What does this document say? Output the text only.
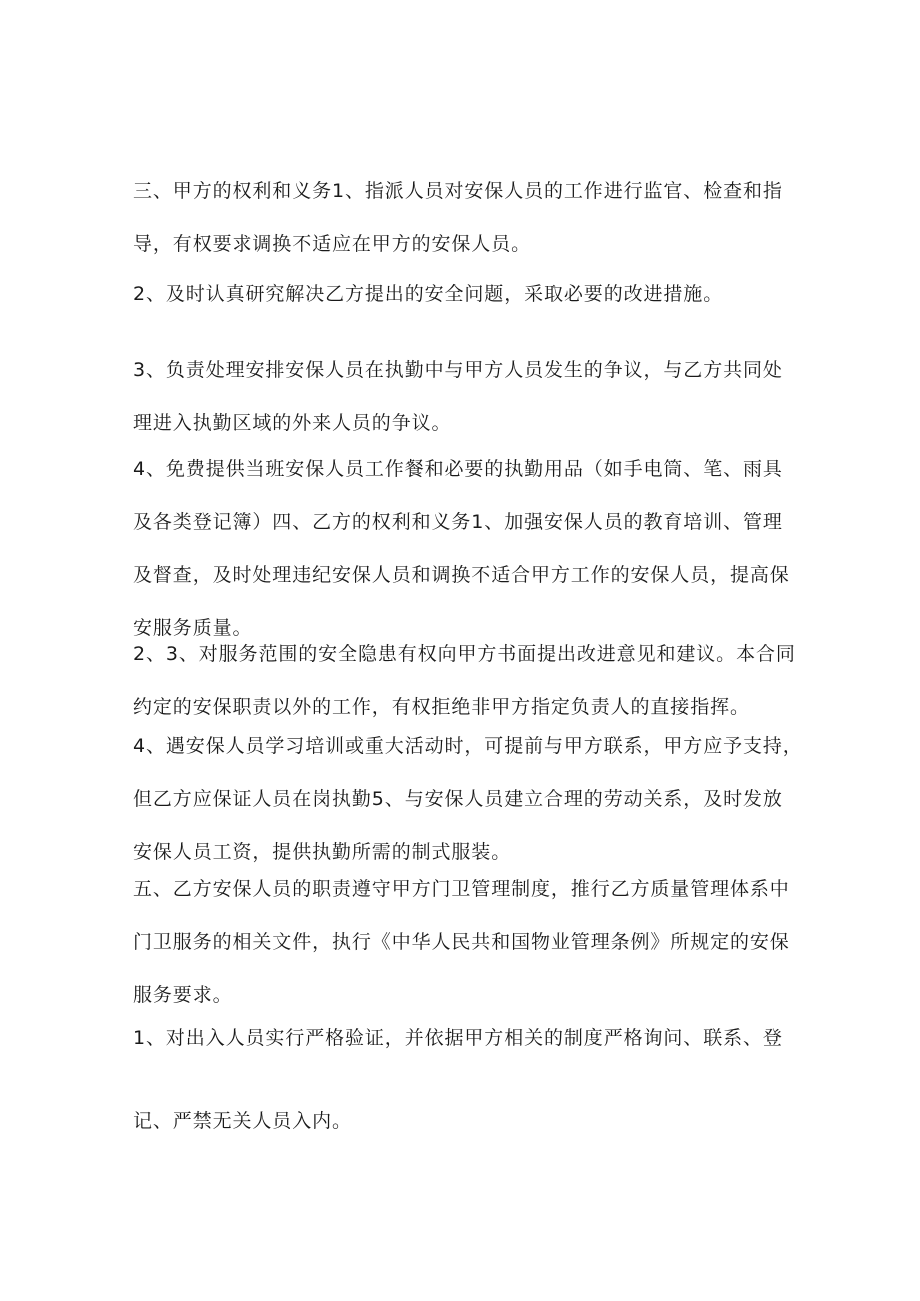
三、甲方的权利和义务1、指派人员对安保人员的工作进行监官、检查和指
导，有权要求调换不适应在甲方的安保人员。

2、及时认真研究解决乙方提出的安全问题，采取必要的改进措施。

3、负责处理安排安保人员在执勤中与甲方人员发生的争议，与乙方共同处
理进入执勤区域的外来人员的争议。

4、免费提供当班安保人员工作餐和必要的执勤用品（如手电筒、笔、雨具
及各类登记簿）四、乙方的权利和义务1、加强安保人员的教育培训、管理
及督查，及时处理违纪安保人员和调换不适合甲方工作的安保人员，提高保
安服务质量。

2、3、对服务范围的安全隐患有权向甲方书面提出改进意见和建议。本合同
约定的安保职责以外的工作，有权拒绝非甲方指定负责人的直接指挥。

4、遇安保人员学习培训或重大活动时，可提前与甲方联系，甲方应予支持，
但乙方应保证人员在岗执勤5、与安保人员建立合理的劳动关系，及时发放
安保人员工资，提供执勤所需的制式服装。

五、乙方安保人员的职责遵守甲方门卫管理制度，推行乙方质量管理体系中
门卫服务的相关文件，执行《中华人民共和国物业管理条例》所规定的安保
服务要求。

1、对出入人员实行严格验证，并依据甲方相关的制度严格询问、联系、登

记、严禁无关人员入内。
